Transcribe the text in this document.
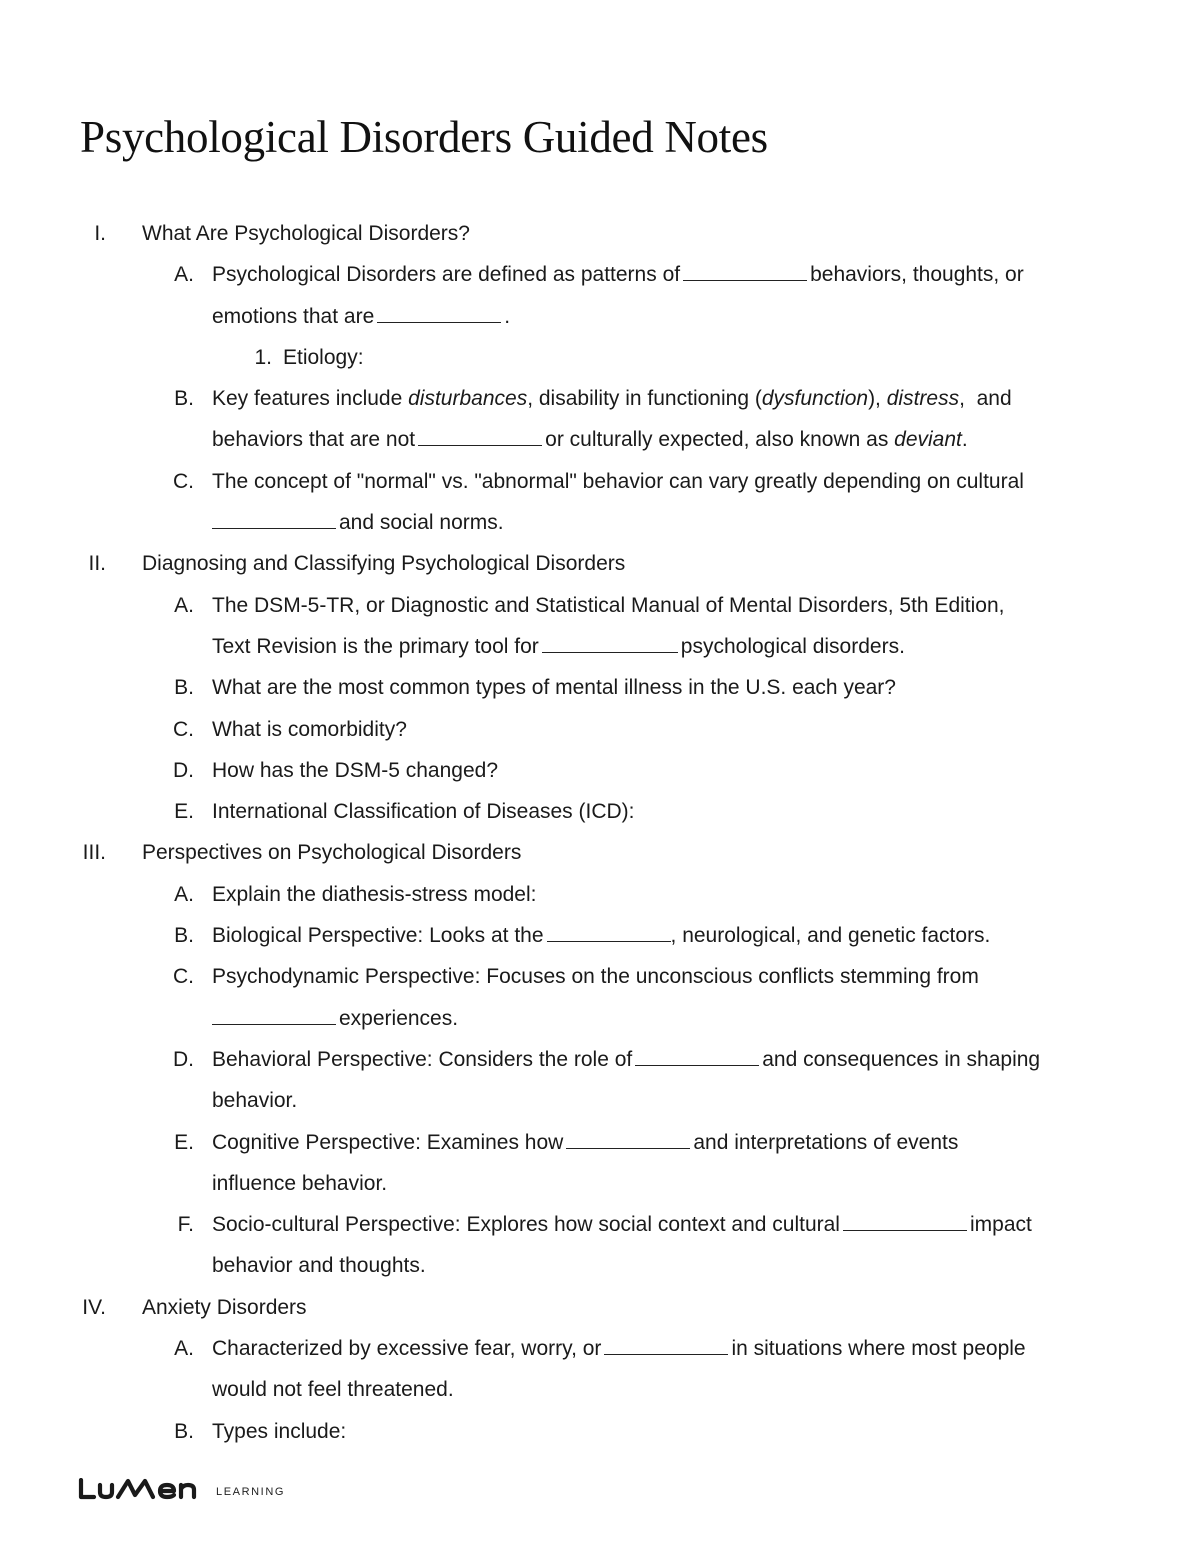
Psychological Disorders Guided Notes
I. What Are Psychological Disorders?
A. Psychological Disorders are defined as patterns of	behaviors, thoughts, or
emotions that are	.
1. Etiology:
B. Key features include disturbances, disability in functioning (dysfunction), distress,  and
behaviors that are not	or culturally expected, also known as deviant.
C. The concept of "normal" vs. "abnormal" behavior can vary greatly depending on cultural
and social norms.
II. Diagnosing and Classifying Psychological Disorders
A. The DSM-5-TR, or Diagnostic and Statistical Manual of Mental Disorders, 5th Edition,
Text Revision is the primary tool for	psychological disorders.
B. What are the most common types of mental illness in the U.S. each year?
C. What is comorbidity?
D. How has the DSM-5 changed?
E. International Classification of Diseases (ICD):
III. Perspectives on Psychological Disorders
A. Explain the diathesis-stress model:
B. Biological Perspective: Looks at the	, neurological, and genetic factors.
C. Psychodynamic Perspective: Focuses on the unconscious conflicts stemming from
experiences.
D. Behavioral Perspective: Considers the role of	and consequences in shaping
behavior.
E. Cognitive Perspective: Examines how	and interpretations of events
influence behavior.
F. Socio-cultural Perspective: Explores how social context and cultural	impact
behavior and thoughts.
IV. Anxiety Disorders
A. Characterized by excessive fear, worry, or	in situations where most people
would not feel threatened.
B. Types include:
LEARNING
